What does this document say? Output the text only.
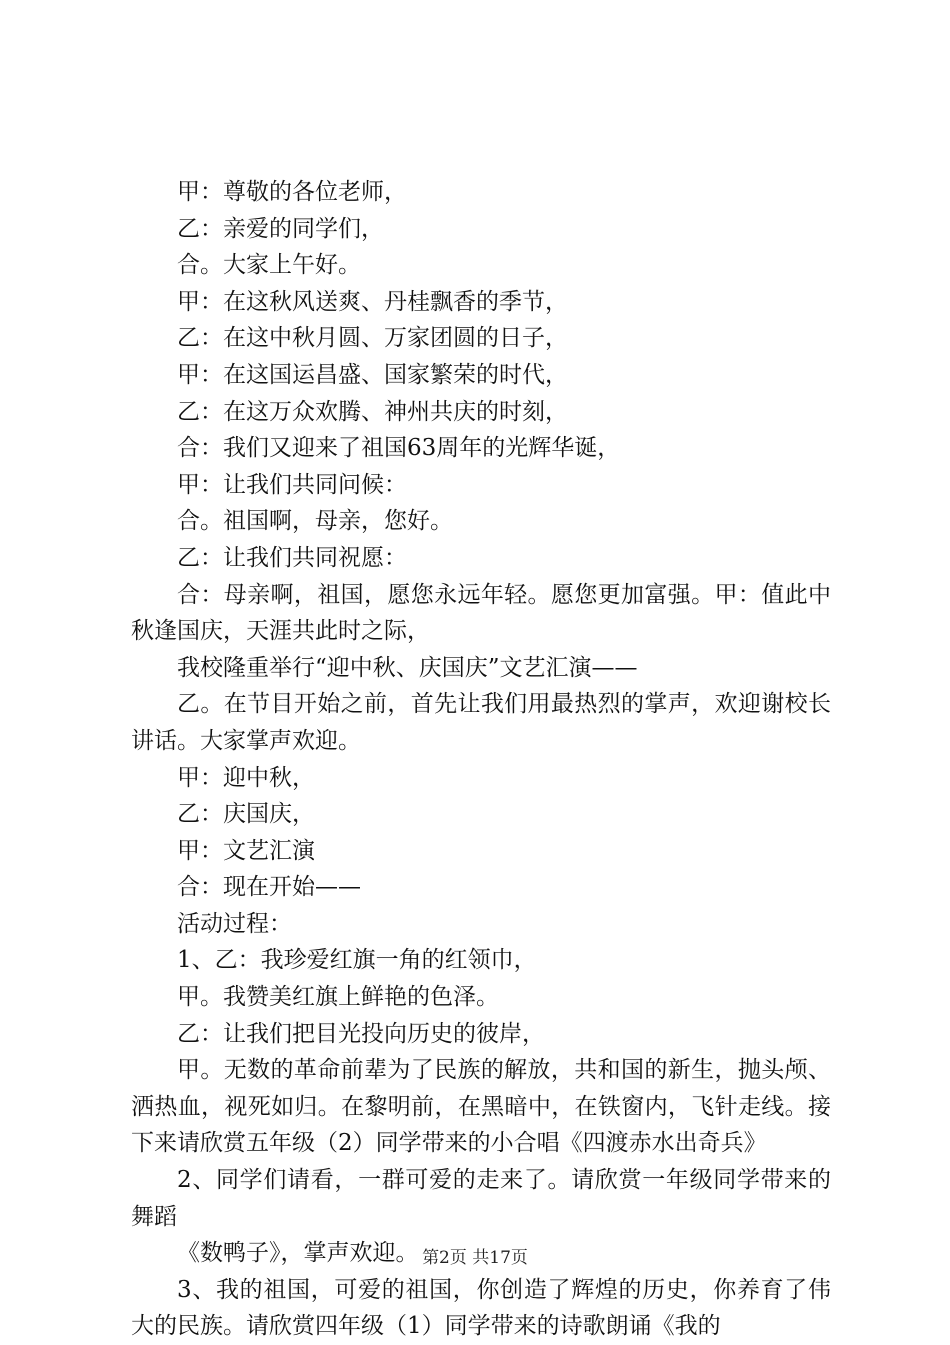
甲：尊敬的各位老师，

乙：亲爱的同学们，

合。大家上午好。

甲：在这秋风送爽、丹桂飘香的季节，

乙：在这中秋月圆、万家团圆的日子，

甲：在这国运昌盛、国家繁荣的时代，

乙：在这万众欢腾、神州共庆的时刻，

合：我们又迎来了祖国63周年的光辉华诞，

甲：让我们共同问候：

合。祖国啊，母亲，您好。

乙：让我们共同祝愿：

合：母亲啊，祖国，愿您永远年轻。愿您更加富强。甲：值此中秋逢国庆，天涯共此时之际，

我校隆重举行“迎中秋、庆国庆”文艺汇演——

乙。在节目开始之前，首先让我们用最热烈的掌声，欢迎谢校长讲话。大家掌声欢迎。

甲：迎中秋，

乙：庆国庆，

甲：文艺汇演

合：现在开始——

活动过程：

1、乙：我珍爱红旗一角的红领巾，

甲。我赞美红旗上鲜艳的色泽。

乙：让我们把目光投向历史的彼岸，

甲。无数的革命前辈为了民族的解放，共和国的新生，抛头颅、洒热血，视死如归。在黎明前，在黑暗中，在铁窗内，飞针走线。接下来请欣赏五年级（2）同学带来的小合唱《四渡赤水出奇兵》

2、同学们请看，一群可爱的走来了。请欣赏一年级同学带来的舞蹈

《数鸭子》，掌声欢迎。

3、我的祖国，可爱的祖国，你创造了辉煌的历史，你养育了伟大的民族。请欣赏四年级（1）同学带来的诗歌朗诵《我的

第2页 共17页
